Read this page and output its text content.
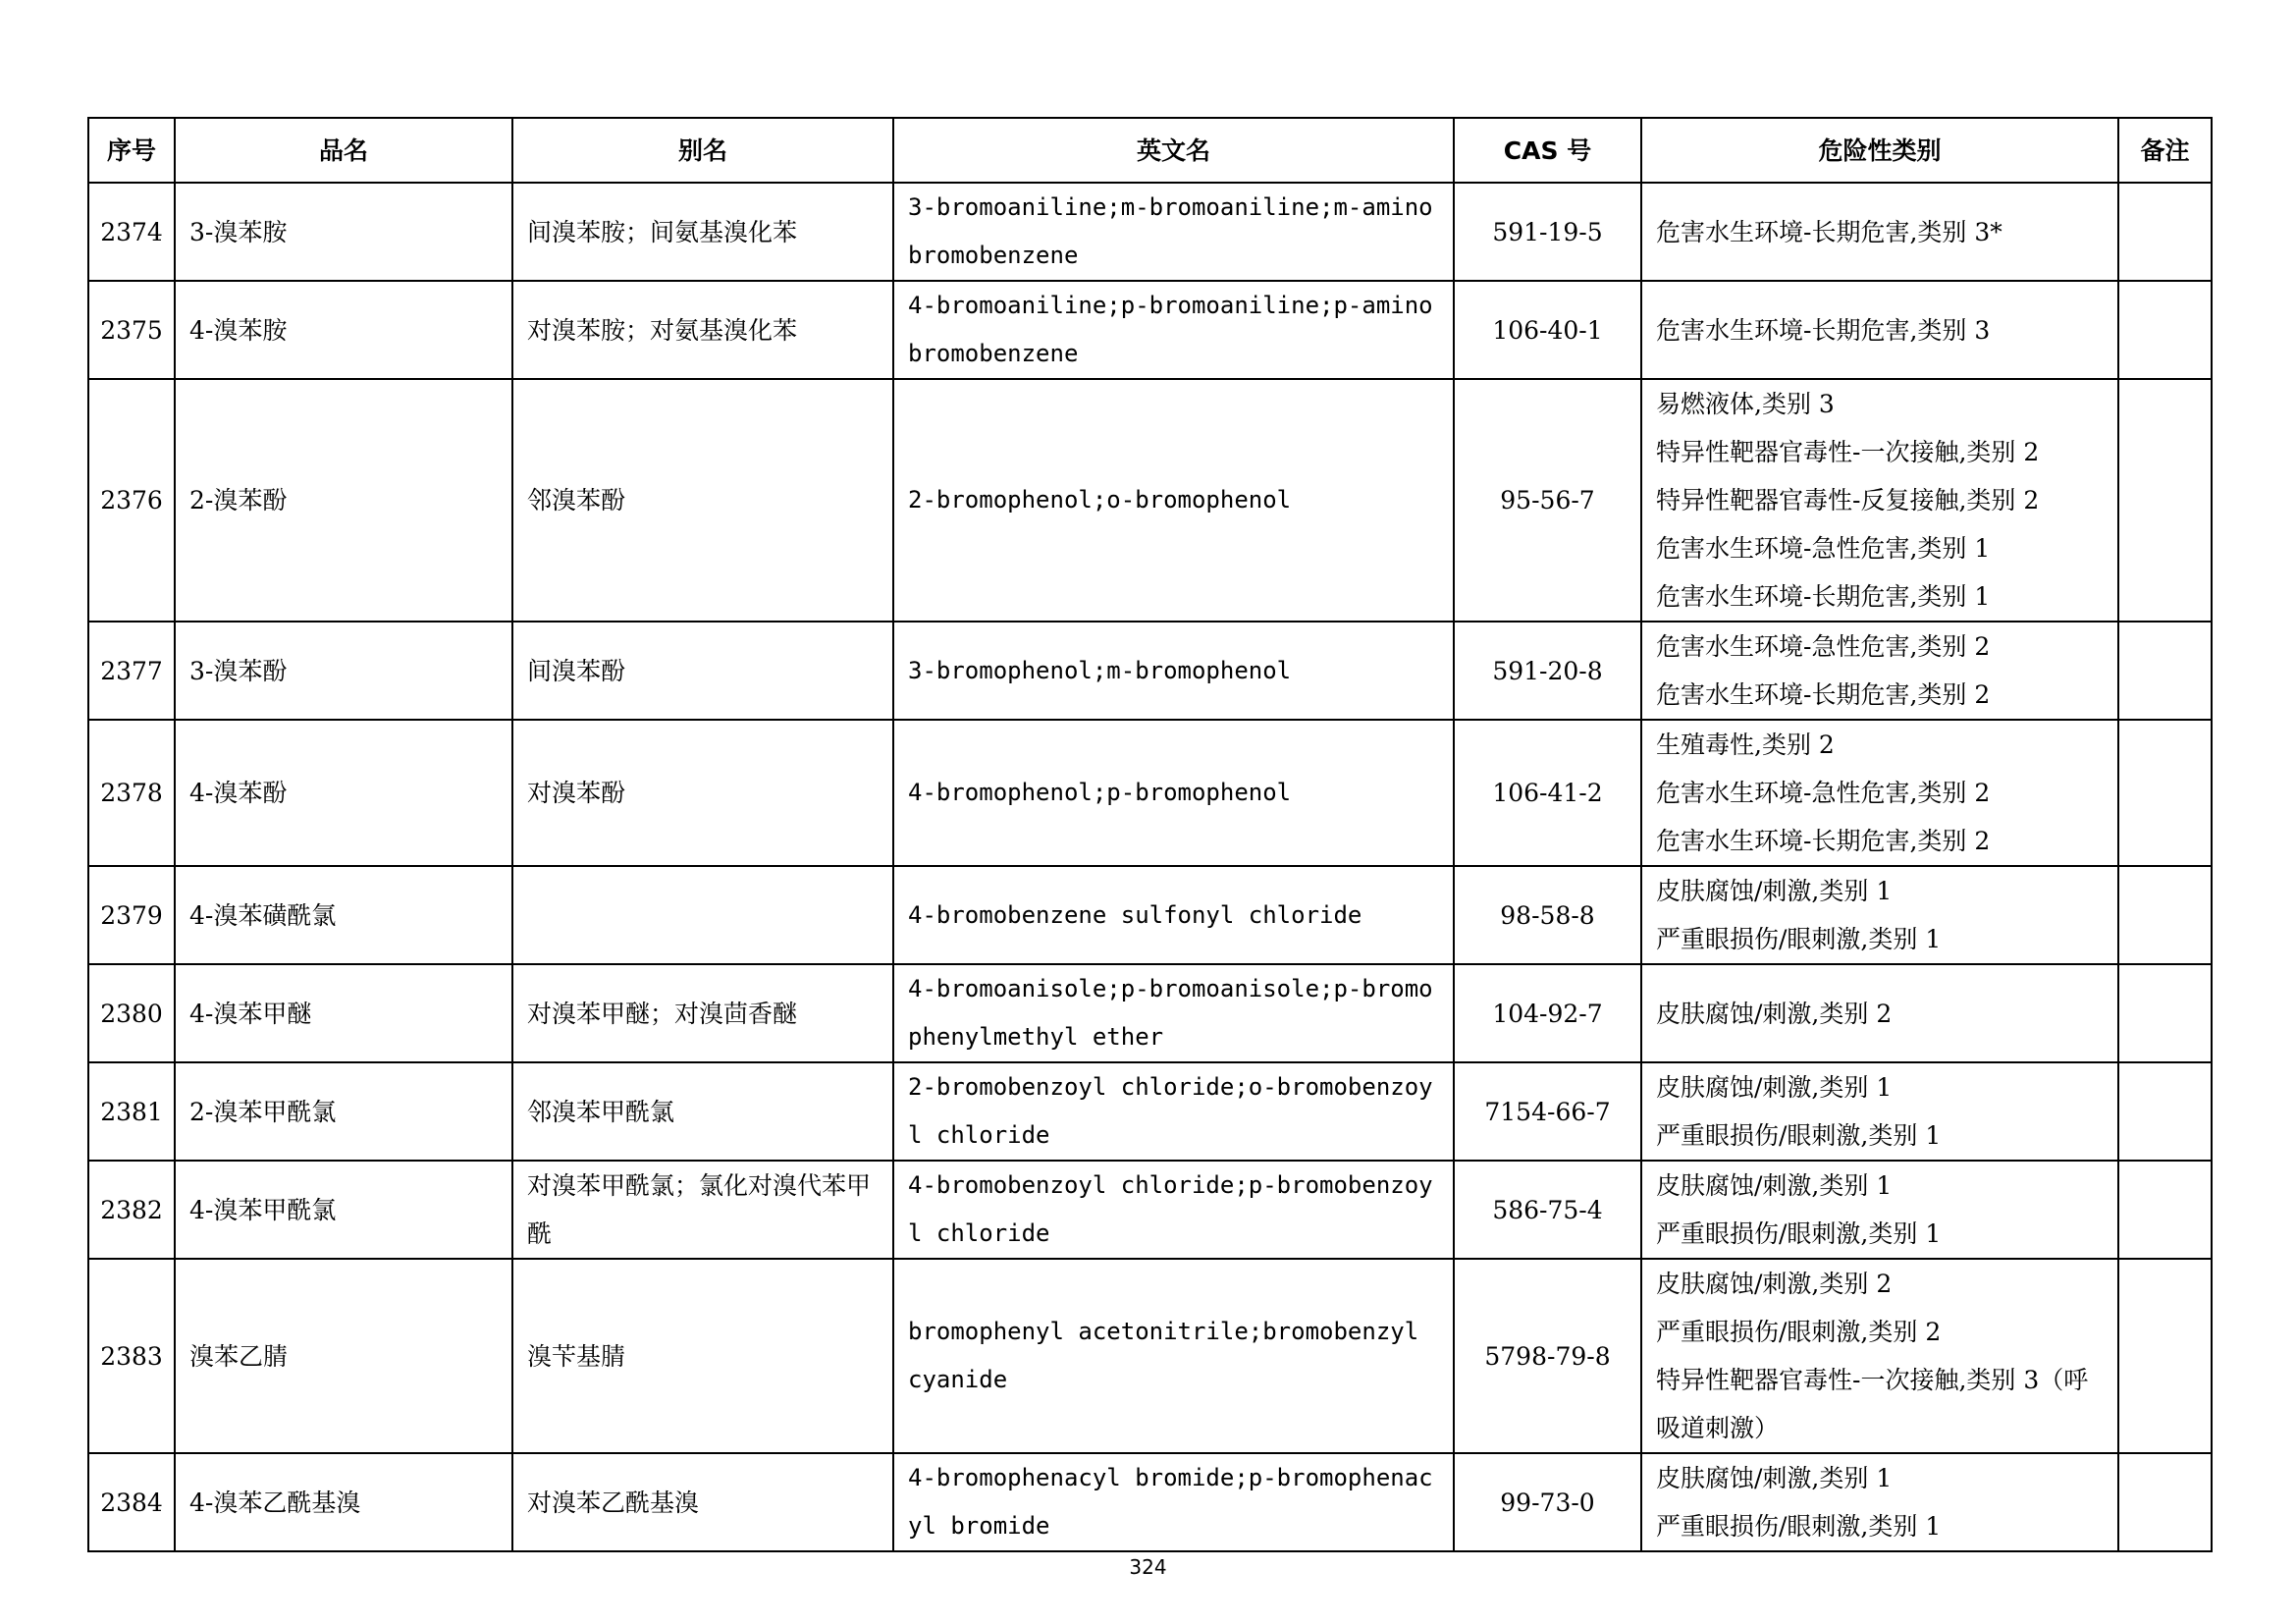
序号	品名	别名	英文名	CAS 号	危险性类别	备注
2374	3-溴苯胺	间溴苯胺；间氨基溴化苯	3-bromoaniline;m-bromoaniline;m-aminobromobenzene	591-19-5	危害水生环境-长期危害,类别 3*	

2375	4-溴苯胺	对溴苯胺；对氨基溴化苯	4-bromoaniline;p-bromoaniline;p-aminobromobenzene	106-40-1	危害水生环境-长期危害,类别 3	

2376	2-溴苯酚	邻溴苯酚	2-bromophenol;o-bromophenol	95-56-7	易燃液体,类别 3
特异性靶器官毒性-一次接触,类别 2
特异性靶器官毒性-反复接触,类别 2
危害水生环境-急性危害,类别 1
危害水生环境-长期危害,类别 1	

2377	3-溴苯酚	间溴苯酚	3-bromophenol;m-bromophenol	591-20-8	危害水生环境-急性危害,类别 2
危害水生环境-长期危害,类别 2	

2378	4-溴苯酚	对溴苯酚	4-bromophenol;p-bromophenol	106-41-2	生殖毒性,类别 2
危害水生环境-急性危害,类别 2
危害水生环境-长期危害,类别 2	

2379	4-溴苯磺酰氯		4-bromobenzene sulfonyl chloride	98-58-8	皮肤腐蚀/刺激,类别 1
严重眼损伤/眼刺激,类别 1	

2380	4-溴苯甲醚	对溴苯甲醚；对溴茴香醚	4-bromoanisole;p-bromoanisole;p-bromophenylmethyl ether	104-92-7	皮肤腐蚀/刺激,类别 2	

2381	2-溴苯甲酰氯	邻溴苯甲酰氯	2-bromobenzoyl chloride;o-bromobenzoyl chloride	7154-66-7	皮肤腐蚀/刺激,类别 1
严重眼损伤/眼刺激,类别 1	

2382	4-溴苯甲酰氯	对溴苯甲酰氯；氯化对溴代苯甲酰	4-bromobenzoyl chloride;p-bromobenzoyl chloride	586-75-4	皮肤腐蚀/刺激,类别 1
严重眼损伤/眼刺激,类别 1	

2383	溴苯乙腈	溴苄基腈	bromophenyl acetonitrile;bromobenzyl cyanide	5798-79-8	皮肤腐蚀/刺激,类别 2
严重眼损伤/眼刺激,类别 2
特异性靶器官毒性-一次接触,类别 3（呼吸道刺激）	

2384	4-溴苯乙酰基溴	对溴苯乙酰基溴	4-bromophenacyl bromide;p-bromophenacyl bromide	99-73-0	皮肤腐蚀/刺激,类别 1
严重眼损伤/眼刺激,类别 1	

324
